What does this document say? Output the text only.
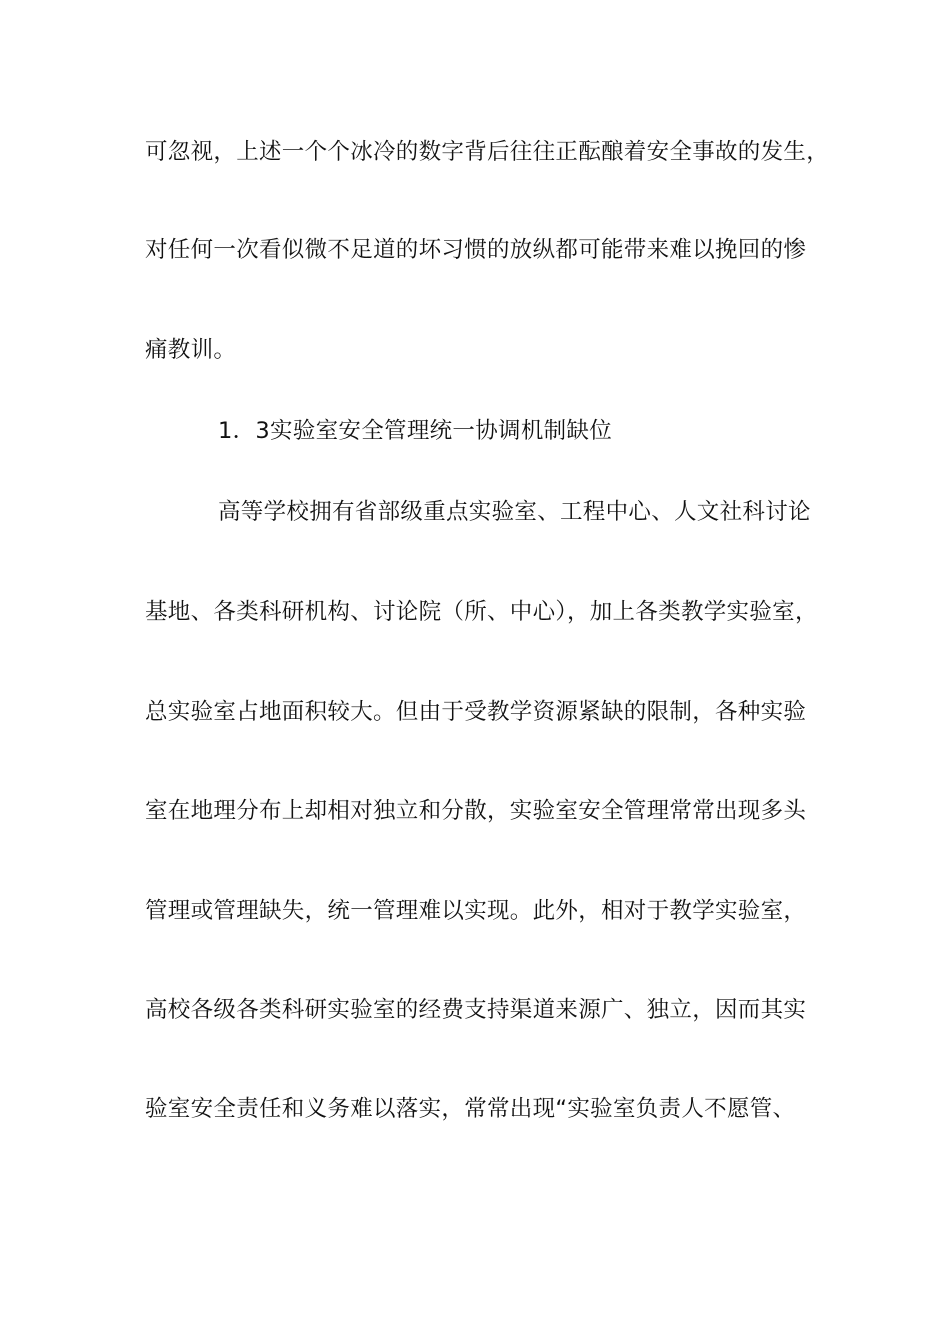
可忽视，上述一个个冰冷的数字背后往往正酝酿着安全事故的发生，
对任何一次看似微不足道的坏习惯的放纵都可能带来难以挽回的惨
痛教训。
1．3实验室安全管理统一协调机制缺位
高等学校拥有省部级重点实验室、工程中心、人文社科讨论
基地、各类科研机构、讨论院（所、中心），加上各类教学实验室，
总实验室占地面积较大。但由于受教学资源紧缺的限制，各种实验
室在地理分布上却相对独立和分散，实验室安全管理常常出现多头
管理或管理缺失，统一管理难以实现。此外，相对于教学实验室，
高校各级各类科研实验室的经费支持渠道来源广、独立，因而其实
验室安全责任和义务难以落实，常常出现“实验室负责人不愿管、
